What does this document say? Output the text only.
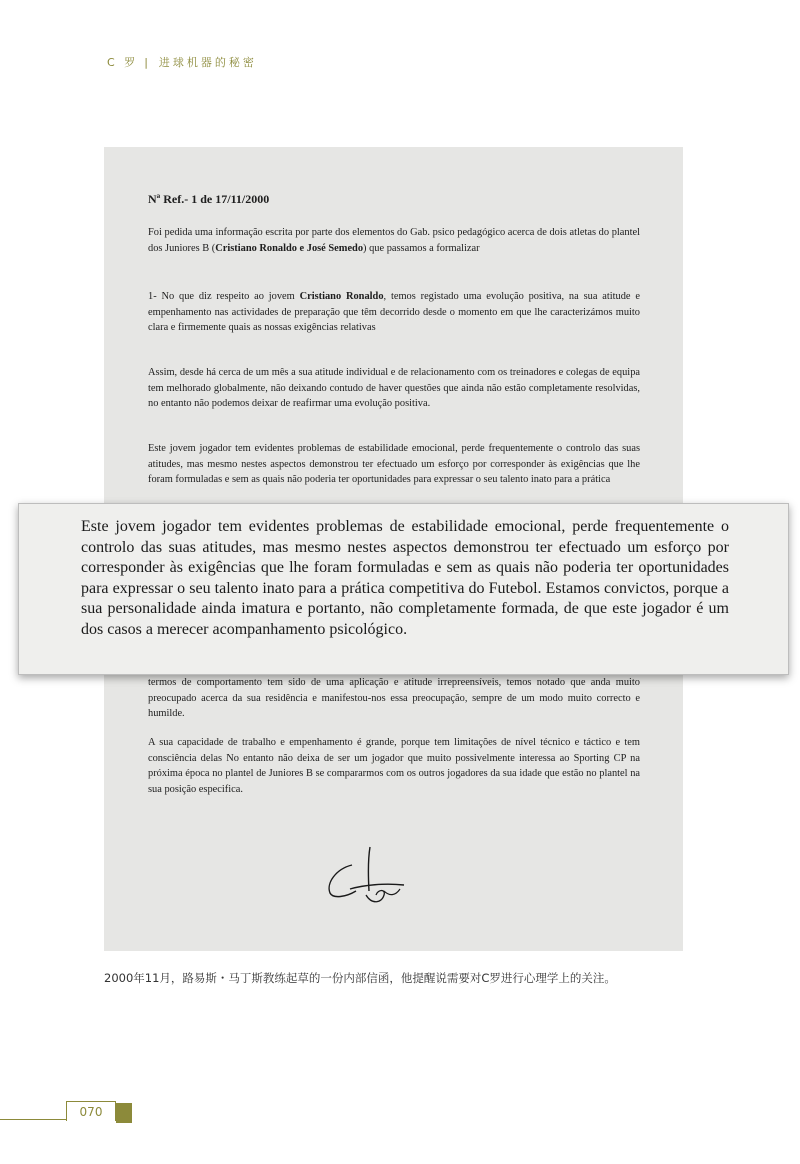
C 罗 | 进球机器的秘密
Nª Ref.- 1 de 17/11/2000

Foi pedida uma informação escrita por parte dos elementos do Gab. psico pedagógico acerca de dois atletas do plantel dos Juniores B (Cristiano Ronaldo e José Semedo) que passamos a formalizar

1- No que diz respeito ao jovem Cristiano Ronaldo, temos registado uma evolução positiva, na sua atitude e empenhamento nas actividades de preparação que têm decorrido desde o momento em que lhe caracterizámos muito clara e firmemente quais as nossas exigências relativas

Assim, desde há cerca de um mês a sua atitude individual e de relacionamento com os treinadores e colegas de equipa tem melhorado globalmente, não deixando contudo de haver questões que ainda não estão completamente resolvidas, no entanto não podemos deixar de reafirmar uma evolução positiva.

Este jovem jogador tem evidentes problemas de estabilidade emocional, perde frequentemente o controlo das suas atitudes, mas mesmo nestes aspectos demonstrou ter efectuado um esforço por corresponder às exigências que lhe foram formuladas e sem as quais não poderia ter oportunidades para expressar o seu talento inato para a prática

termos de comportamento tem sido de uma aplicação e atitude irrepreensíveis, temos notado que anda muito preocupado acerca da sua residência e manifestou-nos essa preocupação, sempre de um modo muito correcto e humilde.

A sua capacidade de trabalho e empenhamento é grande, porque tem limitações de nível técnico e táctico e tem consciência delas No entanto não deixa de ser um jogador que muito possivelmente interessa ao Sporting CP na próxima época no plantel de Juniores B se compararmos com os outros jogadores da sua idade que estão no plantel na sua posição especifica.

Este jovem jogador tem evidentes problemas de estabilidade emocional, perde frequentemente o controlo das suas atitudes, mas mesmo nestes aspectos demonstrou ter efectuado um esforço por corresponder às exigências que lhe foram formuladas e sem as quais não poderia ter oportunidades para expressar o seu talento inato para a prática competitiva do Futebol. Estamos convictos, porque a sua personalidade ainda imatura e portanto, não completamente formada, de que este jogador é um dos casos a merecer acompanhamento psicológico.

2000年11月，路易斯・马丁斯教练起草的一份内部信函，他提醒说需要对C罗进行心理学上的关注。
070
